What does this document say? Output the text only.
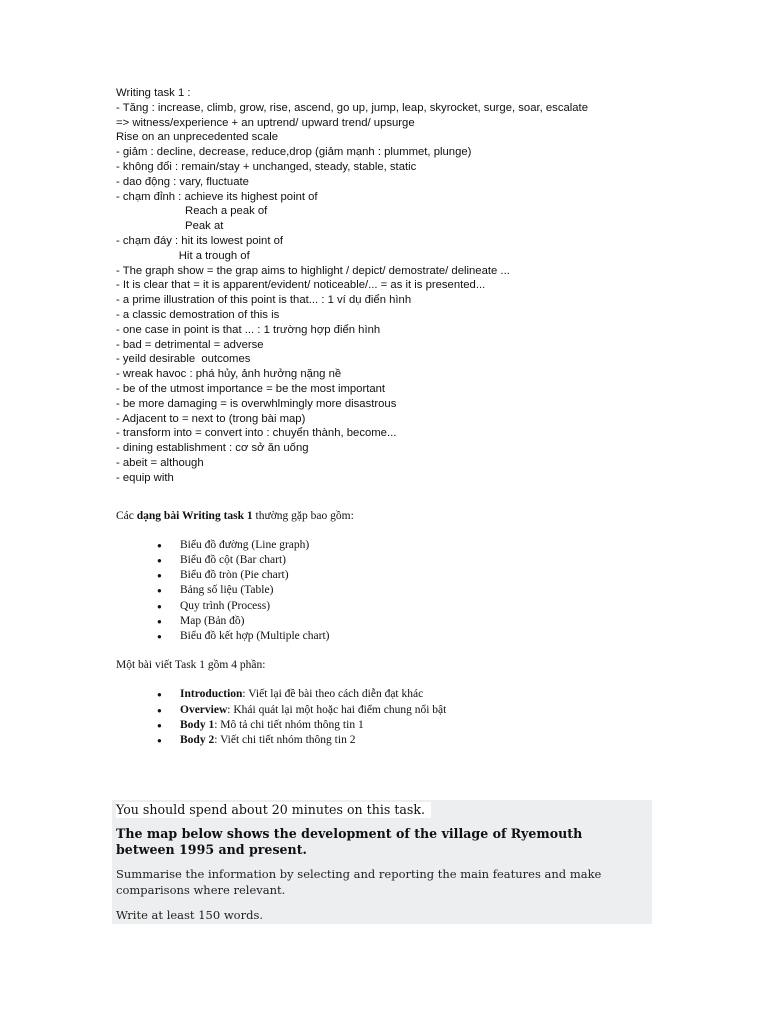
Writing task 1 :
- Tăng : increase, climb, grow, rise, ascend, go up, jump, leap, skyrocket, surge, soar, escalate
=> witness/experience + an uptrend/ upward trend/ upsurge
Rise on an unprecedented scale
- giảm : decline, decrease, reduce,drop (giảm mạnh : plummet, plunge)
- không đổi : remain/stay + unchanged, steady, stable, static
- dao động : vary, fluctuate
- chạm đỉnh : achieve its highest point of
Reach a peak of
Peak at
- chạm đáy : hit its lowest point of
Hit a trough of
- The graph show = the grap aims to highlight / depict/ demostrate/ delineate ...
- It is clear that = it is apparent/evident/ noticeable/... = as it is presented...
- a prime illustration of this point is that... : 1 ví dụ điển hình
- a classic demostration of this is
- one case in point is that ... : 1 trường hợp điển hình
- bad = detrimental = adverse
- yeild desirable  outcomes
- wreak havoc : phá hủy, ảnh hưởng nặng nề
- be of the utmost importance = be the most important
- be more damaging = is overwhlmingly more disastrous
- Adjacent to = next to (trong bài map)
- transform into = convert into : chuyển thành, become...
- dining establishment : cơ sở ăn uống
- abeit = although
- equip with
Các dạng bài Writing task 1 thường gặp bao gồm:
● Biểu đồ đường (Line graph)
● Biểu đồ cột (Bar chart)
● Biểu đồ tròn (Pie chart)
● Bảng số liệu (Table)
● Quy trình (Process)
● Map (Bản đồ)
● Biểu đồ kết hợp (Multiple chart)
Một bài viết Task 1 gồm 4 phần:
● Introduction: Viết lại đề bài theo cách diễn đạt khác
● Overview: Khái quát lại một hoặc hai điểm chung nổi bật
● Body 1: Mô tả chi tiết nhóm thông tin 1
● Body 2: Viết chi tiết nhóm thông tin 2
You should spend about 20 minutes on this task.
The map below shows the development of the village of Ryemouth between 1995 and present.
Summarise the information by selecting and reporting the main features and make comparisons where relevant.
Write at least 150 words.
